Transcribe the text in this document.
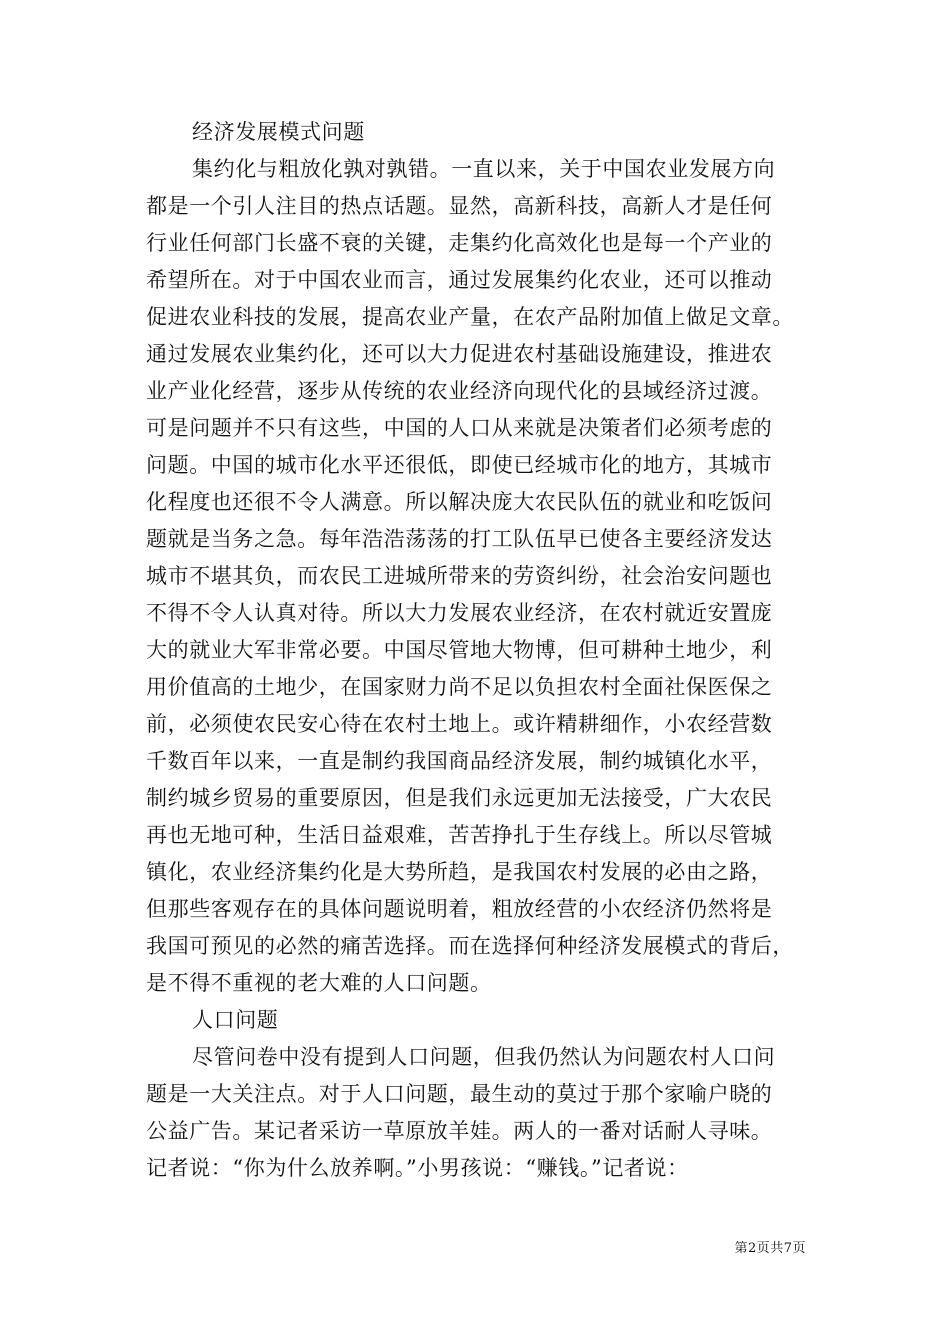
经济发展模式问题
集约化与粗放化孰对孰错。一直以来，关于中国农业发展方向
都是一个引人注目的热点话题。显然，高新科技，高新人才是任何
行业任何部门长盛不衰的关键，走集约化高效化也是每一个产业的
希望所在。对于中国农业而言，通过发展集约化农业，还可以推动
促进农业科技的发展，提高农业产量，在农产品附加值上做足文章。
通过发展农业集约化，还可以大力促进农村基础设施建设，推进农
业产业化经营，逐步从传统的农业经济向现代化的县域经济过渡。
可是问题并不只有这些，中国的人口从来就是决策者们必须考虑的
问题。中国的城市化水平还很低，即使已经城市化的地方，其城市
化程度也还很不令人满意。所以解决庞大农民队伍的就业和吃饭问
题就是当务之急。每年浩浩荡荡的打工队伍早已使各主要经济发达
城市不堪其负，而农民工进城所带来的劳资纠纷，社会治安问题也
不得不令人认真对待。所以大力发展农业经济，在农村就近安置庞
大的就业大军非常必要。中国尽管地大物博，但可耕种土地少，利
用价值高的土地少，在国家财力尚不足以负担农村全面社保医保之
前，必须使农民安心待在农村土地上。或许精耕细作，小农经营数
千数百年以来，一直是制约我国商品经济发展，制约城镇化水平，
制约城乡贸易的重要原因，但是我们永远更加无法接受，广大农民
再也无地可种，生活日益艰难，苦苦挣扎于生存线上。所以尽管城
镇化，农业经济集约化是大势所趋，是我国农村发展的必由之路，
但那些客观存在的具体问题说明着，粗放经营的小农经济仍然将是
我国可预见的必然的痛苦选择。而在选择何种经济发展模式的背后，
是不得不重视的老大难的人口问题。
人口问题
尽管问卷中没有提到人口问题，但我仍然认为问题农村人口问
题是一大关注点。对于人口问题，最生动的莫过于那个家喻户晓的
公益广告。某记者采访一草原放羊娃。两人的一番对话耐人寻味。
记者说：“你为什么放养啊。”小男孩说：“赚钱。”记者说：
第2页共7页
